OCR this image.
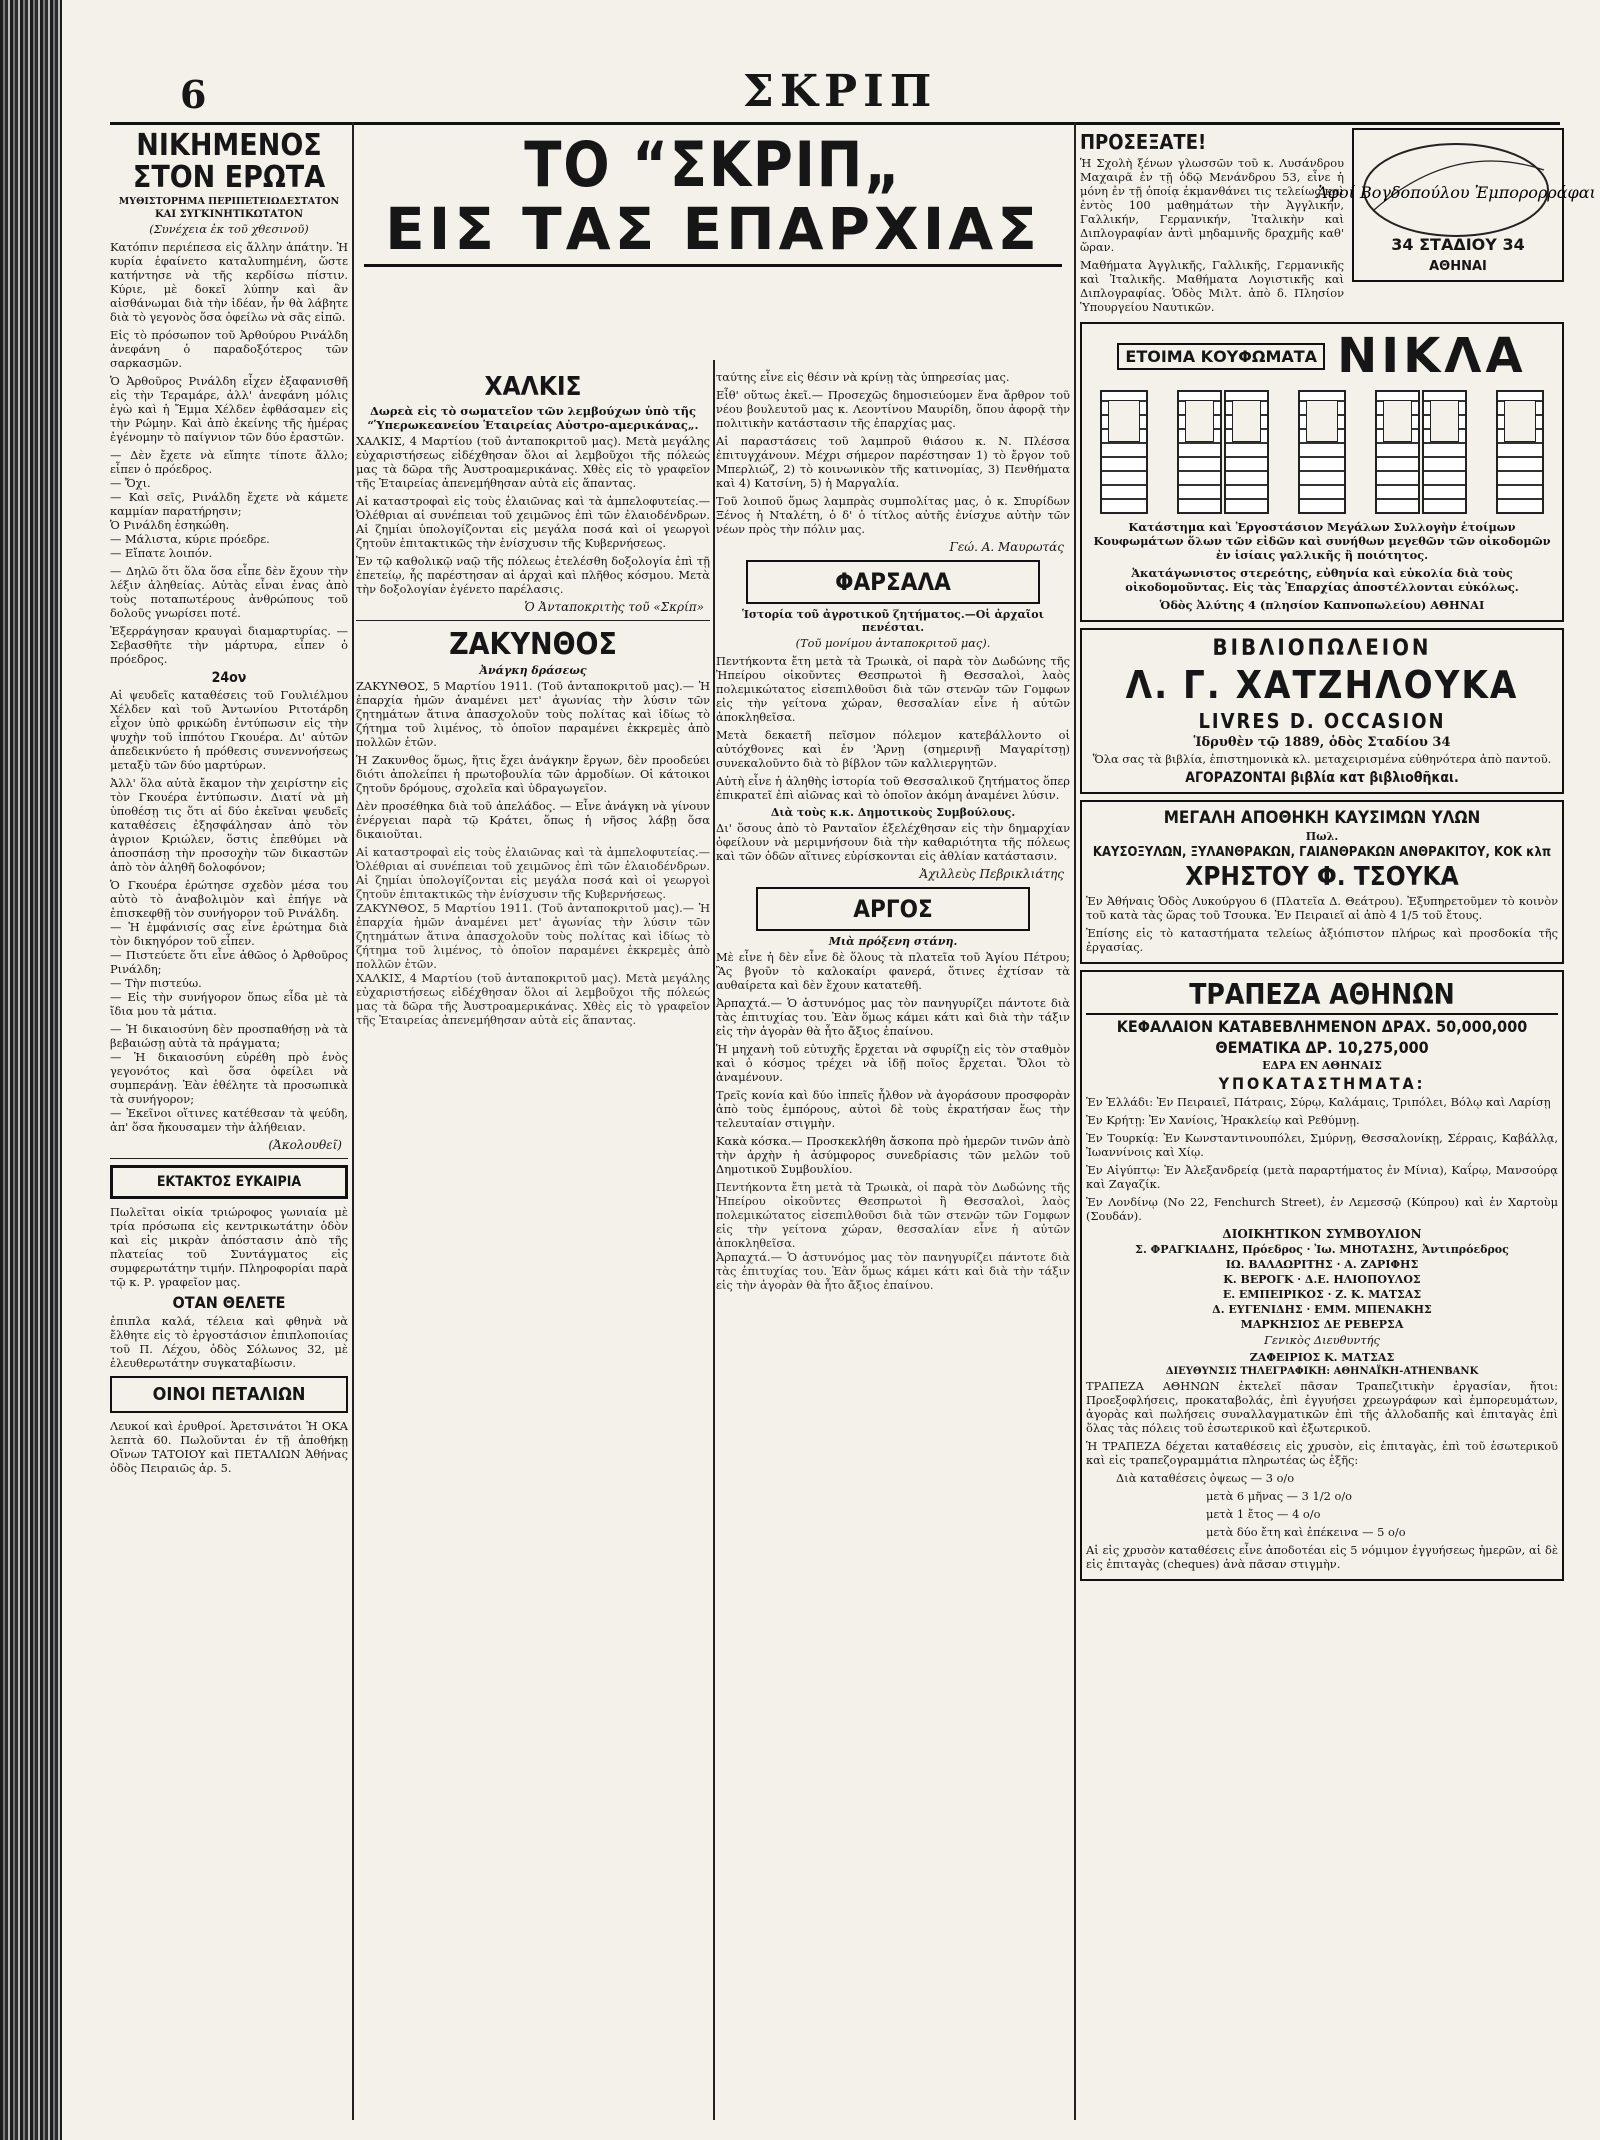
6	ΣΚΡΙΠ
ΝΙΚΗΜΕΝΟΣ ΣΤΟΝ ΕΡΩΤΑ
ΜΥΘΙΣΤΟΡΗΜΑ ΠΕΡΙΠΕΤΕΙΩΔΕΣΤΑΤΟΝ
ΚΑΙ ΣΥΓΚΙΝΗΤΙΚΩΤΑΤΟΝ
(Συνέχεια ἐκ τοῦ χθεσινοῦ)

Κατόπιν περιέπεσα εἰς ἄλλην ἀπάτην. Ἡ κυρία ἐφαίνετο καταλυπημένη, ὥστε κατήντησε νὰ τῆς κερδίσω πίστιν. Κύριε, μὲ δοκεῖ λύπην καὶ ἂν αἰσθάνωμαι διὰ τὴν ἰδέαν, ἦν θὰ λάβητε διὰ τὸ γεγονὸς ὅσα ὀφείλω νὰ σᾶς εἰπῶ.

Εἰς τὸ πρόσωπον τοῦ Ἀρθούρου Ρινάλδη ἀνεφάνη ὁ παραδοξότερος τῶν σαρκασμῶν.

Ὁ Ἀρθοῦρος Ρινάλδη εἶχεν ἐξαφανισθῆ εἰς τὴν Τεραμάρε, ἀλλ' ἀνεφάνη μόλις ἐγὼ καὶ ἡ Ἔμμα Χέλδεν ἐφθάσαμεν εἰς τὴν Ρώμην. Καὶ ἀπὸ ἐκείνης τῆς ἡμέρας ἐγένομην τὸ παίγνιον τῶν δύο ἐραστῶν.

— Δὲν ἔχετε νὰ εἴπητε τίποτε ἄλλο; εἶπεν ὁ πρόεδρος.
— Ὄχι.
— Καὶ σεῖς, Ρινάλδη ἔχετε νὰ κάμετε καμμίαν παρατήρησιν;
Ὁ Ρινάλδη ἐσηκώθη.
— Μάλιστα, κύριε πρόεδρε.
— Εἴπατε λοιπόν.

— Δηλῶ ὅτι ὅλα ὅσα εἶπε δὲν ἔχουν τὴν λέξιν ἀληθείας. Αὐτὰς εἶναι ἐνας ἀπὸ τοὺς ποταπωτέρους ἀνθρώπους τοῦ δολοῦς γνωρίσει ποτέ.

Ἐξερράγησαν κραυγαὶ διαμαρτυρίας. — Σεβασθῆτε τὴν μάρτυρα, εἶπεν ὁ πρόεδρος.

24ον

Αἱ ψευδεῖς καταθέσεις τοῦ Γουλιέλμου Χέλδεν καὶ τοῦ Ἀντωνίου Ριτοτάρδη εἶχον ὑπὸ φρικώδη ἐντύπωσιν εἰς τὴν ψυχὴν τοῦ ἰππότου Γκουέρα. Δι' αὐτῶν ἀπεδεικνύετο ἡ πρόθεσις συνεννοήσεως μεταξὺ τῶν δύο μαρτύρων.

Ἀλλ' ὅλα αὐτὰ ἔκαμον τὴν χειρίστην εἰς τὸν Γκουέρα ἐντύπωσιν. Διατί νὰ μὴ ὑποθέσῃ τις ὅτι αἱ δύο ἐκεῖναι ψευδεῖς καταθέσεις ἐξησφάλησαν ἀπὸ τὸν ἀγριον Κριώλεν, ὅστις ἐπεθύμει νὰ ἀποσπάσῃ τὴν προσοχὴν τῶν δικαστῶν ἀπὸ τὸν ἀληθῆ δολοφόνον;

Ὁ Γκουέρα ἐρώτησε σχεδὸν μέσα του αὐτὸ τὸ ἀναβολιμὸν καὶ ἐπήγε νὰ ἐπισκεφθῇ τὸν συνήγορον τοῦ Ρινάλδη.
— Ἡ ἐμφάνισίς σας εἶνε ἐρώτημα διὰ τὸν δικηγόρον τοῦ εἶπεν.
— Πιστεύετε ὅτι εἶνε ἀθῶος ὁ Ἀρθοῦρος Ρινάλδη;
— Τὴν πιστεύω.
— Εἰς τὴν συνήγορον ὅπως εἶδα μὲ τὰ ἴδια μου τὰ μάτια.

— Ἡ δικαιοσύνη δὲν προσπαθήσῃ νὰ τὰ βεβαιώσῃ αὐτὰ τὰ πράγματα;
— Ἡ δικαιοσύνη εὑρέθη πρὸ ἑνὸς γεγονότος καὶ ὅσα ὀφείλει νὰ συμπεράνῃ. Ἐὰν ἐθέλητε τὰ προσωπικὰ τὰ συνήγορον;
— Ἐκεῖνοι οἵτινες κατέθεσαν τὰ ψεύδη, ἀπ' ὅσα ἤκουσαμεν τὴν ἀλήθειαν.

(Ἀκολουθεῖ)
ΕΚΤΑΚΤΟΣ ΕΥΚΑΙΡΙΑ

Πωλεῖται οἰκία τριώροφος γωνιαία μὲ τρία πρόσωπα εἰς κεντρικωτάτην ὁδὸν καὶ εἰς μικρὰν ἀπόστασιν ἀπὸ τῆς πλατείας τοῦ Συντάγματος εἰς συμφερωτάτην τιμήν. Πληροφορίαι παρὰ τῷ κ. Ρ. γραφεῖον μας.

ΟΤΑΝ ΘΕΛΕΤΕ

ἐπιπλα καλά, τέλεια καὶ φθηνὰ νὰ ἔλθητε εἰς τὸ ἐργοστάσιον ἐπιπλοποιίας τοῦ Π. Λέχου, ὁδὸς Σόλωνος 32, μὲ ἐλευθερωτάτην συγκαταβίωσιν.

ΟΙΝΟΙ ΠΕΤΑΛΙΩΝ

Λευκοί καὶ ἐρυθροί. Ἀρετσινάτοι Ἡ ΟΚΑ λεπτὰ 60. Πωλοῦνται ἐν τῇ ἀποθήκῃ Οἴνων ΤΑΤΟΙΟΥ καὶ ΠΕΤΑΛΙΩΝ Ἀθήνας ὁδὸς Πειραιῶς ἀρ. 5.

ΤΟ “ΣΚΡΙΠ„
ΕΙΣ ΤΑΣ ΕΠΑΡΧΙΑΣ
ΧΑΛΚΙΣ
Δωρεὰ εἰς τὸ σωματεῖον τῶν λεμβούχων ὑπὸ τῆς “Ὑπερωκεανείου Ἑταιρείας Αὐστρο-αμερικάνας„.

ΧΑΛΚΙΣ, 4 Μαρτίου (τοῦ ἀνταποκριτοῦ μας). Μετὰ μεγάλης εὐχαριστήσεως εἰδέχθησαν ὅλοι αἱ λεμβοῦχοι τῆς πόλεώς μας τὰ δῶρα τῆς Ἀυστροαμερικάνας. Χθὲς εἰς τὸ γραφεῖον τῆς Ἑταιρείας ἀπενεμήθησαν αὐτὰ εἰς ἅπαντας.

Αἱ καταστροφαὶ εἰς τοὺς ἐλαιῶνας καὶ τὰ ἀμπελοφυτείας.— Ὀλέθριαι αἱ συνέπειαι τοῦ χειμῶνος ἐπὶ τῶν ἐλαιοδένδρων. Αἱ ζημίαι ὑπολογίζονται εἰς μεγάλα ποσά καὶ οἱ γεωργοὶ ζητοῦν ἐπιτακτικῶς τὴν ἐνίσχυσιν τῆς Κυβερνήσεως.

Ἐν τῷ καθολικῷ ναῷ τῆς πόλεως ἐτελέσθη δοξολογία ἐπὶ τῇ ἐπετείῳ, ἧς παρέστησαν αἱ ἀρχαὶ καὶ πλῆθος κόσμου. Μετὰ τὴν δοξολογίαν ἐγένετο παρέλασις.

Ὁ Ἀνταποκριτὴς τοῦ «Σκρίπ»
ΖΑΚΥΝΘΟΣ
Ἀνάγκη δράσεως

ΖΑΚΥΝΘΟΣ, 5 Μαρτίου 1911. (Τοῦ ἀνταποκριτοῦ μας).— Ἡ ἐπαρχία ἡμῶν ἀναμένει μετ' ἀγωνίας τὴν λύσιν τῶν ζητημάτων ἅτινα ἀπασχολοῦν τοὺς πολίτας καὶ ἰδίως τὸ ζήτημα τοῦ λιμένος, τὸ ὁποῖον παραμένει ἐκκρεμὲς ἀπὸ πολλῶν ἐτῶν.

Ἡ Ζακυνθος ὅμως, ἥτις ἔχει ἀνάγκην ἔργων, δὲν προοδεύει διότι ἀπολείπει ἡ πρωτοβουλία τῶν ἀρμοδίων. Οἱ κάτοικοι ζητοῦν δρόμους, σχολεῖα καὶ ὑδραγωγεῖον.

Δὲν προσέθηκα διὰ τοῦ ἀπελάδος. — Εἶνε ἀνάγκη νὰ γίνουν ἐνέργειαι παρὰ τῷ Κράτει, ὅπως ἡ νῆσος λάβῃ ὅσα δικαιοῦται.

Αἱ καταστροφαὶ εἰς τοὺς ἐλαιῶνας καὶ τὰ ἀμπελοφυτείας.— Ὀλέθριαι αἱ συνέπειαι τοῦ χειμῶνος ἐπὶ τῶν ἐλαιοδένδρων. Αἱ ζημίαι ὑπολογίζονται εἰς μεγάλα ποσά καὶ οἱ γεωργοὶ ζητοῦν ἐπιτακτικῶς τὴν ἐνίσχυσιν τῆς Κυβερνήσεως.

ΖΑΚΥΝΘΟΣ, 5 Μαρτίου 1911. (Τοῦ ἀνταποκριτοῦ μας).— Ἡ ἐπαρχία ἡμῶν ἀναμένει μετ' ἀγωνίας τὴν λύσιν τῶν ζητημάτων ἅτινα ἀπασχολοῦν τοὺς πολίτας καὶ ἰδίως τὸ ζήτημα τοῦ λιμένος, τὸ ὁποῖον παραμένει ἐκκρεμὲς ἀπὸ πολλῶν ἐτῶν.

ΧΑΛΚΙΣ, 4 Μαρτίου (τοῦ ἀνταποκριτοῦ μας). Μετὰ μεγάλης εὐχαριστήσεως εἰδέχθησαν ὅλοι αἱ λεμβοῦχοι τῆς πόλεώς μας τὰ δῶρα τῆς Ἀυστροαμερικάνας. Χθὲς εἰς τὸ γραφεῖον τῆς Ἑταιρείας ἀπενεμήθησαν αὐτὰ εἰς ἅπαντας.

ταύτης εἶνε εἰς θέσιν νὰ κρίνῃ τὰς ὑπηρεσίας μας.

Εἶθ' οὕτως ἐκεῖ.— Προσεχῶς δημοσιεύομεν ἕνα ἄρθρον τοῦ νέου βουλευτοῦ μας κ. Λεοντίνου Μαυρίδη, ὅπου ἀφορᾷ τὴν πολιτικὴν κατάστασιν τῆς ἐπαρχίας μας.

Αἱ παραστάσεις τοῦ λαμπροῦ θιάσου κ. Ν. Πλέσσα ἐπιτυγχάνουν. Μέχρι σήμερον παρέστησαν 1) τὸ ἔργον τοῦ Μπερλιώζ, 2) τὸ κοινωνικὸν τῆς κατινομίας, 3) Πενθήματα καὶ 4) Κατσίνη, 5) ἡ Μαργαλία.

Τοῦ λοιποῦ ὅμως λαμπρὰς συμπολίτας μας, ὁ κ. Σπυρίδων Ξένος ἡ Νταλέτη, ὁ δ' ὁ τίτλος αὐτῆς ἐνίσχυε αὐτὴν τῶν νέων πρὸς τὴν πόλιν μας.

Γεώ. Α. Μαυρωτάς
ΦΑΡΣΑΛΑ
Ἱστορία τοῦ ἀγροτικοῦ ζητήματος.—Οἱ ἀρχαῖοι πενέσται.
(Τοῦ μονίμου ἀνταποκριτοῦ μας).

Πεντήκοντα ἔτη μετὰ τὰ Τρωικὰ, οἱ παρὰ τὸν Δωδώνης τῆς Ἠπείρου οἰκοῦντες Θεσπρωτοὶ ἢ Θεσσαλοὶ, λαὸς πολεμικώτατος εἰσεπιλθοῦσι διὰ τῶν στενῶν τῶν Γομφων εἰς τὴν γείτονα χώραν, θεσσαλίαν εἶνε ἡ αὐτῶν ἀποκληθεῖσα.

Μετὰ δεκαετῆ πεῖσμον πόλεμον κατεβάλλοντο οἱ αὐτόχθονες καὶ ἐν 'Ἀρνῃ (σημερινῇ Μαγαρίτσῃ) συνεκαλοῦντο διὰ τὸ βίβλον τῶν καλλιεργητῶν.

Αὐτὴ εἶνε ἡ ἀληθὴς ἱστορία τοῦ Θεσσαλικοῦ ζητήματος ὅπερ ἐπικρατεῖ ἐπὶ αἰῶνας καὶ τὸ ὁποῖον ἀκόμη ἀναμένει λύσιν.

Διὰ τοὺς κ.κ. Δημοτικοὺς Συμβούλους.

Δι' ὅσους ἀπὸ τὸ Ρανταῖον ἐξελέχθησαν εἰς τὴν δημαρχίαν ὀφείλουν νὰ μεριμνήσουν διὰ τὴν καθαριότητα τῆς πόλεως καὶ τῶν ὁδῶν αἵτινες εὑρίσκονται εἰς ἀθλίαν κατάστασιν.

Ἀχιλλεὺς Πεβρικλιάτης
ΑΡΓΟΣ
Μιὰ πρόξενη στάνη.

Μὲ εἶνε ἡ δὲν εἶνε δὲ ὅλους τὰ πλατεῖα τοῦ Ἁγίου Πέτρου; Ἂς βγοῦν τὸ καλοκαίρι φανερά, ὅτινες ἐχτίσαν τὰ αυθαίρετα καὶ δὲν ἔχουν κατατεθῆ.

Ἀρπαχτά.— Ὁ ἀστυνόμος μας τὸν πανηγυρίζει πάντοτε διὰ τὰς ἐπιτυχίας του. Ἐὰν ὅμως κάμει κάτι καὶ διὰ τὴν τάξιν εἰς τὴν ἀγορὰν θὰ ἦτο ἄξιος ἐπαίνου.

Ἡ μηχανὴ τοῦ εὐτυχῆς ἔρχεται νὰ σφυρίζῃ εἰς τὸν σταθμὸν καὶ ὁ κόσμος τρέχει νὰ ἰδῇ ποῖος ἔρχεται. Ὄλοι τὸ ἀναμένουν.

Τρεῖς κονία καὶ δύο ἱππεῖς ἦλθον νὰ ἀγοράσουν προσφορὰν ἀπὸ τοὺς ἐμπόρους, αὐτοὶ δὲ τοὺς ἐκρατήσαν ἕως τὴν τελευταίαν στιγμὴν.

Κακὰ κόσκα.— Προσκεκλήθη ἄσκοπα πρὸ ἡμερῶν τινῶν ἀπὸ τὴν ἀρχὴν ἡ ἀσύμφορος συνεδρίασις τῶν μελῶν τοῦ Δημοτικοῦ Συμβουλίου.

Πεντήκοντα ἔτη μετὰ τὰ Τρωικὰ, οἱ παρὰ τὸν Δωδώνης τῆς Ἠπείρου οἰκοῦντες Θεσπρωτοὶ ἢ Θεσσαλοὶ, λαὸς πολεμικώτατος εἰσεπιλθοῦσι διὰ τῶν στενῶν τῶν Γομφων εἰς τὴν γείτονα χώραν, θεσσαλίαν εἶνε ἡ αὐτῶν ἀποκληθεῖσα.

Ἀρπαχτά.— Ὁ ἀστυνόμος μας τὸν πανηγυρίζει πάντοτε διὰ τὰς ἐπιτυχίας του. Ἐὰν ὅμως κάμει κάτι καὶ διὰ τὴν τάξιν εἰς τὴν ἀγορὰν θὰ ἦτο ἄξιος ἐπαίνου.

ΠΡΟΣΕΞΑΤΕ!

Ἡ Σχολὴ ξένων γλωσσῶν τοῦ κ. Λυσάνδρου Μαχαιρᾶ ἐν τῇ ὁδῷ Μενάνδρου 53, εἶνε ἡ μόνη ἐν τῇ ὁποίᾳ ἐκμανθάνει τις τελείως καὶ ἐντὸς 100 μαθημάτων τὴν Ἀγγλικήν, Γαλλικήν, Γερμανικήν, Ἰταλικὴν καὶ Διπλογραφίαν ἀντὶ μηδαμινῆς δραχμῆς καθ' ὥραν.

Μαθήματα Ἀγγλικῆς, Γαλλικῆς, Γερμανικῆς καὶ Ἰταλικῆς. Μαθήματα Λογιστικῆς καὶ Διπλογραφίας. Ὁδὸς Μιλτ. ἀπὸ δ. Πλησίον Ὑπουργείου Ναυτικῶν.

Ἀφοί Βογδοπούλου Ἐμπορορράφαι
34 ΣΤΑΔΙΟΥ 34
ΑΘΗΝΑΙ
ΕΤΟΙΜΑ ΚΟΥΦΩΜΑΤΑ ΝΙΚΛΑ

Κατάστημα καὶ Ἐργοστάσιον Μεγάλων Συλλογὴν ἑτοίμων Κουφωμάτων ὅλων τῶν εἰδῶν καὶ συνήθων μεγεθῶν τῶν οἰκοδομῶν ἐν ἰσίαις γαλλικῆς ἢ ποιότητος.

Ἀκατάγωνιστος στερεότης, εὐθηνία καὶ εὐκολία διὰ τοὺς οἰκοδομοῦντας. Εἰς τὰς Ἐπαρχίας ἀποστέλλονται εὐκόλως.

Ὁδὸς Ἀλύτης 4 (πλησίον Καπνοπωλείου) ΑΘΗΝΑΙ
ΒΙΒΛΙΟΠΩΛΕΙΟΝ
Λ. Γ. ΧΑΤΖΗΛΟΥΚΑ
LIVRES D. OCCASION
Ἱδρυθὲν τῷ 1889, ὁδὸς Σταδίου 34

Ὅλα σας τὰ βιβλία, ἐπιστημονικὰ κλ. μεταχειρισμένα εὐθηνότερα ἀπὸ παντοῦ.

ΑΓΟΡΑΖΟΝΤΑΙ βιβλία κατ βιβλιοθῆκαι.
ΜΕΓΑΛΗ ΑΠΟΘΗΚΗ ΚΑΥΣΙΜΩΝ ΥΛΩΝ
Πωλ.
ΚΑΥΣΟΞΥΛΩΝ, ΞΥΛΑΝΘΡΑΚΩΝ, ΓΑΙΑΝΘΡΑΚΩΝ ΑΝΘΡΑΚΙΤΟΥ, ΚΟΚ κλπ
ΧΡΗΣΤΟΥ Φ. ΤΣΟΥΚΑ

Ἐν Ἀθήναις Ὁδὸς Λυκούργου 6 (Πλατεῖα Δ. Θεάτρου). Ἐξυπηρετοῦμεν τὸ κοινὸν τοῦ κατὰ τὰς ὥρας τοῦ Τσουκα. Ἐν Πειραιεῖ αἱ ἀπὸ 4 1/5 τοῦ ἔτους.

Ἐπίσης εἰς τὸ καταστήματα τελείως ἀξιόπιστον πλήρως καὶ προσδοκία τῆς ἐργασίας.

ΤΡΑΠΕΖΑ ΑΘΗΝΩΝ
ΚΕΦΑΛΑΙΟΝ ΚΑΤΑΒΕΒΛΗΜΕΝΟΝ ΔΡΑΧ. 50,000,000
ΘΕΜΑΤΙΚΑ ΔΡ. 10,275,000
ΕΔΡΑ ΕΝ ΑΘΗΝΑΙΣ
ΥΠΟΚΑΤΑΣΤΗΜΑΤΑ:

Ἐν Ἑλλάδι: Ἐν Πειραιεῖ, Πάτραις, Σύρῳ, Καλάμαις, Τριπόλει, Βόλῳ καὶ Λαρίσῃ

Ἐν Κρήτῃ: Ἐν Χανίοις, Ἡρακλείῳ καὶ Ρεθύμνῃ.

Ἐν Τουρκίᾳ: Ἐν Κωνσταντινουπόλει, Σμύρνῃ, Θεσσαλονίκῃ, Σέρραις, Καβάλλᾳ, Ἰωαννίνοις καὶ Χίῳ.

Ἐν Αἰγύπτῳ: Ἐν Ἀλεξανδρείᾳ (μετὰ παραρτήματος ἐν Μίνια), Καΐρῳ, Μανσούρᾳ καὶ Ζαγαζίκ.

Ἐν Λονδίνῳ (No 22, Fenchurch Street), ἐν Λεμεσσῷ (Κύπρου) καὶ ἐν Χαρτοὺμ (Σουδάν).

ΔΙΟΙΚΗΤΙΚΟΝ ΣΥΜΒΟΥΛΙΟΝ
Σ. ΦΡΑΓΚΙΑΔΗΣ, Πρόεδρος · Ἰω. ΜΗΟΤΑΣΗΣ, Ἀντιπρόεδρος
ΙΩ. ΒΑΛΑΩΡΙΤΗΣ · Α. ΖΑΡΙΦΗΣ
Κ. ΒΕΡΟΓΚ · Δ.Ε. ΗΛΙΟΠΟΥΛΟΣ
Ε. ΕΜΠΕΙΡΙΚΟΣ · Ζ. Κ. ΜΑΤΣΑΣ
Δ. ΕΥΓΕΝΙΔΗΣ · ΕΜΜ. ΜΠΕΝΑΚΗΣ
ΜΑΡΚΗΣΙΟΣ ΔΕ ΡΕΒΕΡΣΑ
Γενικὸς Διευθυντής
ΖΑΦΕΙΡΙΟΣ Κ. ΜΑΤΣΑΣ
ΔΙΕΥΘΥΝΣΙΣ ΤΗΛΕΓΡΑΦΙΚΗ: ΑΘΗΝΑΪΚΗ-ATHENBANK

ΤΡΑΠΕΖΑ ΑΘΗΝΩΝ ἐκτελεῖ πᾶσαν Τραπεζιτικὴν ἐργασίαν, ἤτοι: Προεξοφλήσεις, προκαταβολάς, ἐπὶ ἐγγυήσει χρεωγράφων καὶ ἐμπορευμάτων, ἀγορὰς καὶ πωλήσεις συναλλαγματικῶν ἐπὶ τῆς ἀλλοδαπῆς καὶ ἐπιταγὰς ἐπὶ ὅλας τὰς πόλεις τοῦ ἐσωτερικοῦ καὶ ἐξωτερικοῦ.

Ἡ ΤΡΑΠΕΖΑ δέχεται καταθέσεις εἰς χρυσὸν, εἰς ἐπιταγὰς, ἐπὶ τοῦ ἐσωτερικοῦ καὶ εἰς τραπεζογραμμάτια πληρωτέας ὡς ἑξῆς:

Διὰ καταθέσεις ὀψεως — 3 ο/ο
μετὰ 6 μῆνας — 3 1/2 ο/ο
μετὰ 1 ἔτος — 4 ο/ο
μετὰ δύο ἔτη καὶ ἐπέκεινα — 5 ο/ο

Αἱ εἰς χρυσὸν καταθέσεις εἶνε ἀποδοτέαι εἰς 5 νόμιμον ἐγγυήσεως ἡμερῶν, αἱ δὲ εἰς ἐπιταγὰς (cheques) ἀνὰ πᾶσαν στιγμὴν.
